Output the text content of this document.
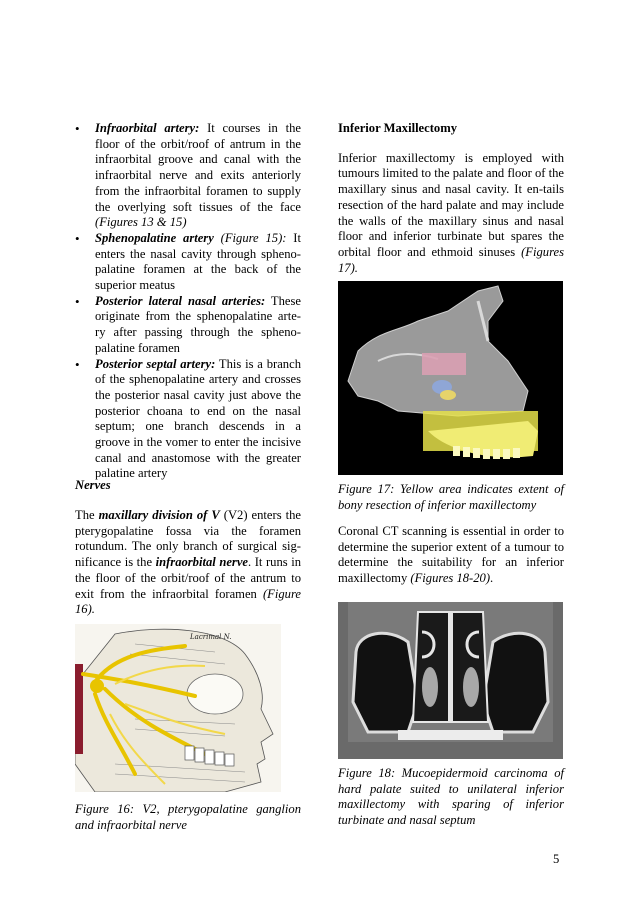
• Infraorbital artery: It courses in the floor of the orbit/roof of antrum in the infraorbital groove and canal with the infraorbital nerve and exits anteriorly from the infraorbital foramen to supply the overlying soft tissues of the face (Figures 13 & 15)
• Sphenopalatine artery (Figure 15): It enters the nasal cavity through spheno-palatine foramen at the back of the superior meatus
• Posterior lateral nasal arteries: These originate from the sphenopalatine arte-ry after passing through the spheno-palatine foramen
• Posterior septal artery: This is a branch of the sphenopalatine artery and crosses the posterior nasal cavity just above the posterior choana to end on the nasal septum; one branch descends in a groove in the vomer to enter the incisive canal and anastomose with the greater palatine artery
Nerves

The maxillary division of V (V2) enters the pterygopalatine fossa via the foramen rotundum. The only branch of surgical sig-nificance is the infraorbital nerve. It runs in the floor of the orbit/roof of the antrum to exit from the infraorbital foramen (Figure 16).

Lacrimal N.
Figure 16: V2, pterygopalatine ganglion and infraorbital nerve
Inferior Maxillectomy

Inferior maxillectomy is employed with tumours limited to the palate and floor of the maxillary sinus and nasal cavity. It en-tails resection of the hard palate and may include the walls of the maxillary sinus and nasal floor and inferior turbinate but spares the orbital floor and ethmoid sinuses (Figures 17).

Figure 17: Yellow area indicates extent of bony resection of inferior maxillectomy

Coronal CT scanning is essential in order to determine the superior extent of a tumour to determine the suitability for an inferior maxillectomy (Figures 18-20).

Figure 18: Mucoepidermoid carcinoma of hard palate suited to unilateral inferior maxillectomy with sparing of inferior turbinate and nasal septum
5
